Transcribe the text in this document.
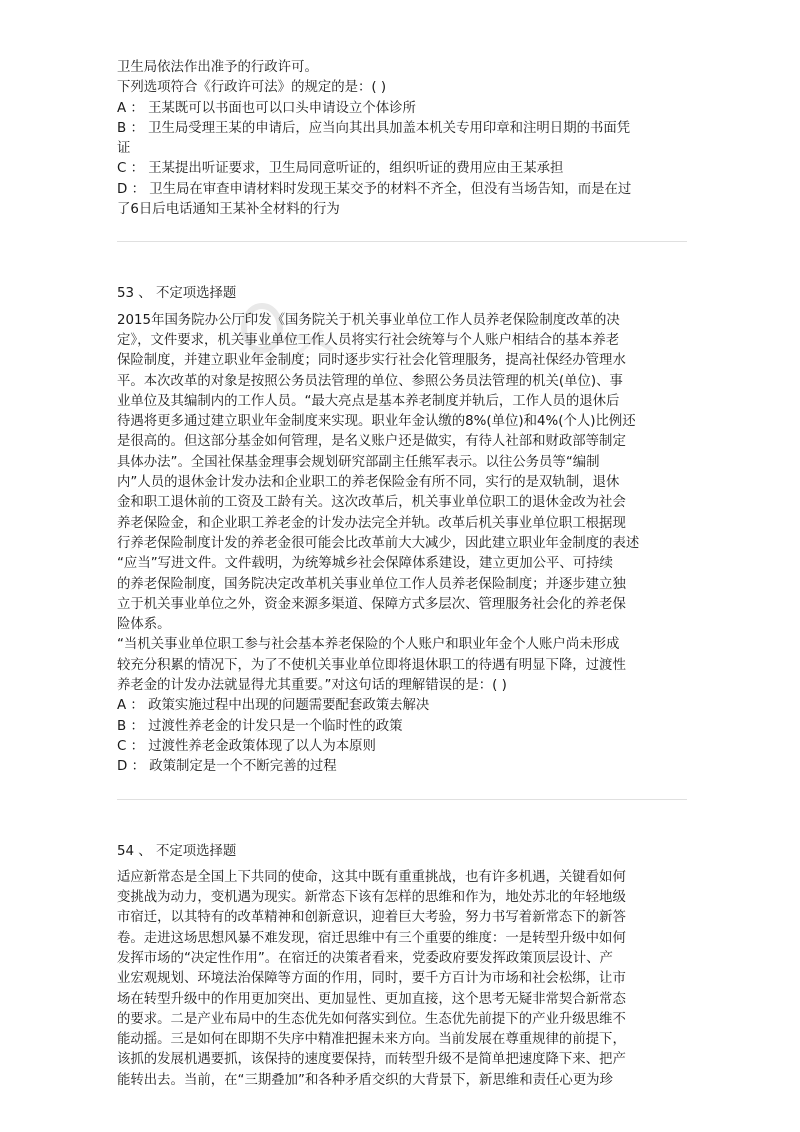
卫生局依法作出准予的行政许可。
下列选项符合《行政许可法》的规定的是：( )
A ： 王某既可以书面也可以口头申请设立个体诊所
B ： 卫生局受理王某的申请后，应当向其出具加盖本机关专用印章和注明日期的书面凭
证
C ： 王某提出听证要求，卫生局同意听证的，组织听证的费用应由王某承担
D ： 卫生局在审查申请材料时发现王某交予的材料不齐全，但没有当场告知，而是在过
了6日后电话通知王某补全材料的行为
53 、 不定项选择题
2015年国务院办公厅印发《国务院关于机关事业单位工作人员养老保险制度改革的决
定》，文件要求，机关事业单位工作人员将实行社会统筹与个人账户相结合的基本养老
保险制度，并建立职业年金制度；同时逐步实行社会化管理服务，提高社保经办管理水
平。本次改革的对象是按照公务员法管理的单位、参照公务员法管理的机关(单位)、事
业单位及其编制内的工作人员。“最大亮点是基本养老制度并轨后，工作人员的退休后
待遇将更多通过建立职业年金制度来实现。职业年金认缴的8%(单位)和4%(个人)比例还
是很高的。但这部分基金如何管理，是名义账户还是做实，有待人社部和财政部等制定
具体办法”。全国社保基金理事会规划研究部副主任熊军表示。以往公务员等“编制
内”人员的退休金计发办法和企业职工的养老保险金有所不同，实行的是双轨制，退休
金和职工退休前的工资及工龄有关。这次改革后，机关事业单位职工的退休金改为社会
养老保险金，和企业职工养老金的计发办法完全并轨。改革后机关事业单位职工根据现
行养老保险制度计发的养老金很可能会比改革前大大减少，因此建立职业年金制度的表述
“应当”写进文件。文件载明，为统筹城乡社会保障体系建设，建立更加公平、可持续
的养老保险制度，国务院决定改革机关事业单位工作人员养老保险制度；并逐步建立独
立于机关事业单位之外，资金来源多渠道、保障方式多层次、管理服务社会化的养老保
险体系。
“当机关事业单位职工参与社会基本养老保险的个人账户和职业年金个人账户尚未形成
较充分积累的情况下，为了不使机关事业单位即将退休职工的待遇有明显下降，过渡性
养老金的计发办法就显得尤其重要。”对这句话的理解错误的是：( )
A ： 政策实施过程中出现的问题需要配套政策去解决
B ： 过渡性养老金的计发只是一个临时性的政策
C ： 过渡性养老金政策体现了以人为本原则
D ： 政策制定是一个不断完善的过程
54 、 不定项选择题
适应新常态是全国上下共同的使命，这其中既有重重挑战，也有许多机遇，关键看如何
变挑战为动力，变机遇为现实。新常态下该有怎样的思维和作为，地处苏北的年轻地级
市宿迁，以其特有的改革精神和创新意识，迎着巨大考验，努力书写着新常态下的新答
卷。走进这场思想风暴不难发现，宿迁思维中有三个重要的维度：一是转型升级中如何
发挥市场的“决定性作用”。在宿迁的决策者看来，党委政府要发挥政策顶层设计、产
业宏观规划、环境法治保障等方面的作用，同时，要千方百计为市场和社会松绑，让市
场在转型升级中的作用更加突出、更加显性、更加直接，这个思考无疑非常契合新常态
的要求。二是产业布局中的生态优先如何落实到位。生态优先前提下的产业升级思维不
能动摇。三是如何在即期不失序中精准把握未来方向。当前发展在尊重规律的前提下，
该抓的发展机遇要抓，该保持的速度要保持，而转型升级不是简单把速度降下来、把产
能转出去。当前，在“三期叠加”和各种矛盾交织的大背景下，新思维和责任心更为珍
